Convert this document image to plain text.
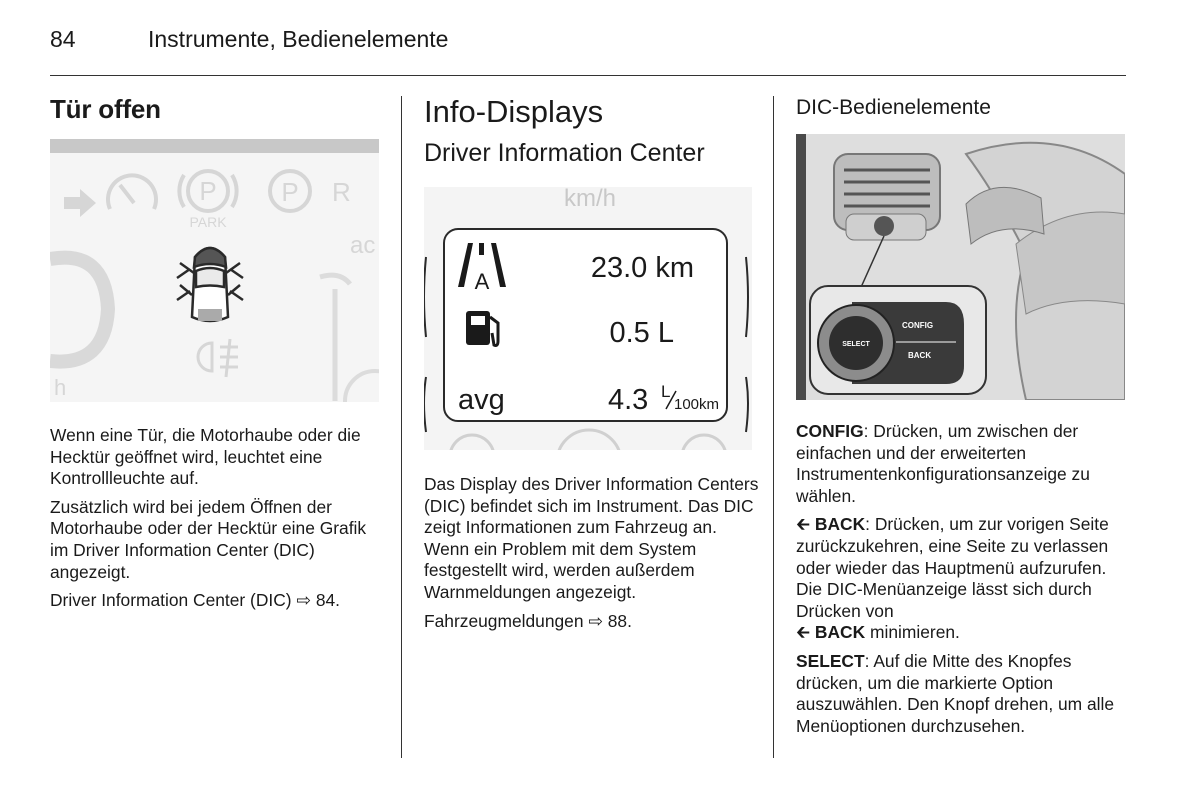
84	Instrumente, Bedienelemente
Tür offen
P
PARK
P R
ac
h

Wenn eine Tür, die Motorhaube oder die Hecktür geöffnet wird, leuchtet eine Kontrollleuchte auf.

Zusätzlich wird bei jedem Öffnen der Motorhaube oder der Hecktür eine Grafik im Driver Information Center (DIC) angezeigt.

Driver Information Center (DIC) ⇨ 84.

Info-Displays
Driver Information Center
km/h
A	23.0 km
0.5 L
avg	4.3 L
100km

Das Display des Driver Information Centers (DIC) befindet sich im Instrument. Das DIC zeigt Informationen zum Fahrzeug an. Wenn ein Problem mit dem System festgestellt wird, werden außerdem Warnmeldungen angezeigt.

Fahrzeugmeldungen ⇨ 88.

DIC-Bedienelemente
CONFIG
BACK
SELECT

CONFIG: Drücken, um zwischen der einfachen und der erweiterten Instrumentenkonfigurationsanzeige zu wählen.

🡰 BACK: Drücken, um zur vorigen Seite zurückzukehren, eine Seite zu verlassen oder wieder das Hauptmenü aufzurufen. Die DIC-Menüanzeige lässt sich durch Drücken von
🡰 BACK minimieren.

SELECT: Auf die Mitte des Knopfes drücken, um die markierte Option auszuwählen. Den Knopf drehen, um alle Menüoptionen durchzusehen.
